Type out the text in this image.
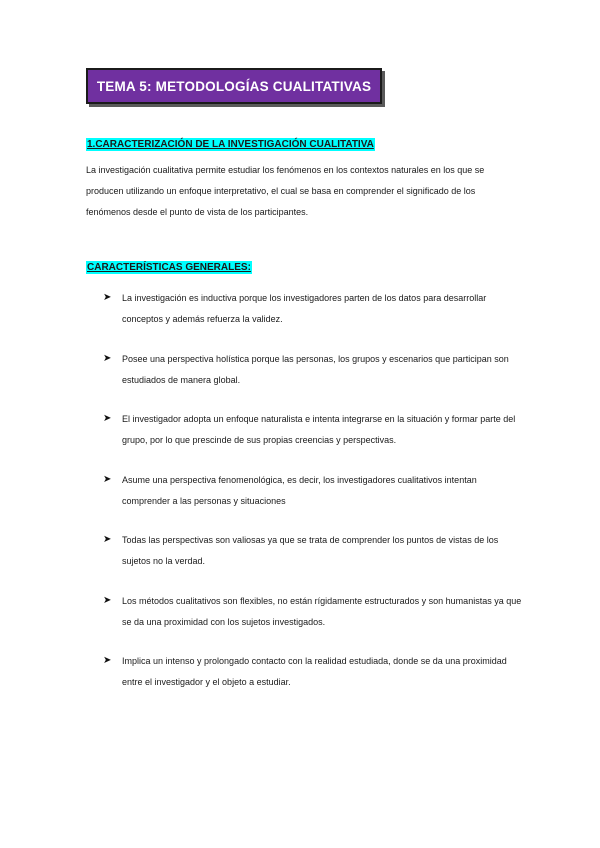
TEMA 5: METODOLOGÍAS CUALITATIVAS
1.CARACTERIZACIÓN DE LA INVESTIGACIÓN CUALITATIVA

La investigación cualitativa permite estudiar los fenómenos en los contextos naturales en los que se producen utilizando un enfoque interpretativo, el cual se basa en comprender el significado de los fenómenos desde el punto de vista de los participantes.

CARACTERÍSTICAS GENERALES:
➤ La investigación es inductiva porque los investigadores parten de los datos para desarrollar conceptos y además refuerza la validez.
➤ Posee una perspectiva holística porque las personas, los grupos y escenarios que participan son estudiados de manera global.
➤ El investigador adopta un enfoque naturalista e intenta integrarse en la situación y formar parte del grupo, por lo que prescinde de sus propias creencias y perspectivas.
➤ Asume una perspectiva fenomenológica, es decir, los investigadores cualitativos intentan comprender a las personas y situaciones
➤ Todas las perspectivas son valiosas ya que se trata de comprender los puntos de vistas de los sujetos no la verdad.
➤ Los métodos cualitativos son flexibles, no están rígidamente estructurados y son humanistas ya que se da una proximidad con los sujetos investigados.
➤ Implica un intenso y prolongado contacto con la realidad estudiada, donde se da una proximidad entre el investigador y el objeto a estudiar.
